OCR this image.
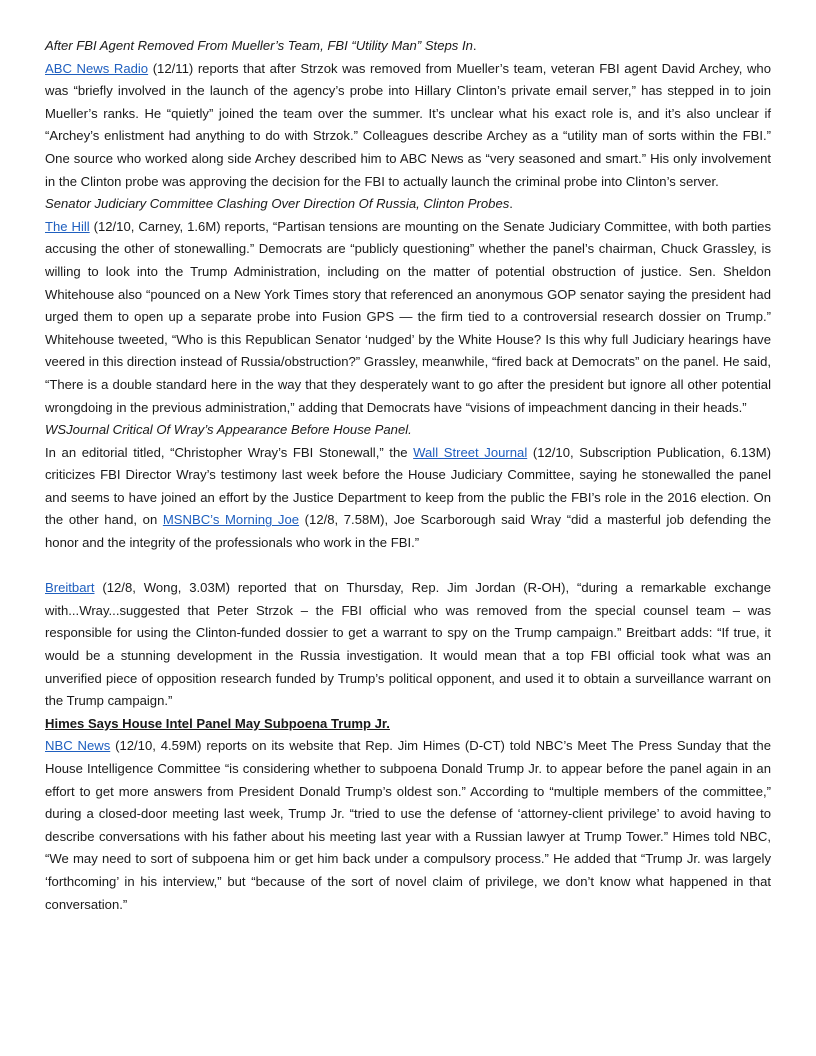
After FBI Agent Removed From Mueller’s Team, FBI “Utility Man” Steps In.

ABC News Radio (12/11) reports that after Strzok was removed from Mueller’s team, veteran FBI agent David Archey, who was “briefly involved in the launch of the agency’s probe into Hillary Clinton’s private email server,” has stepped in to join Mueller’s ranks. He “quietly” joined the team over the summer. It’s unclear what his exact role is, and it’s also unclear if “Archey’s enlistment had anything to do with Strzok.” Colleagues describe Archey as a “utility man of sorts within the FBI.” One source who worked along side Archey described him to ABC News as “very seasoned and smart.” His only involvement in the Clinton probe was approving the decision for the FBI to actually launch the criminal probe into Clinton’s server.

Senator Judiciary Committee Clashing Over Direction Of Russia, Clinton Probes.

The Hill (12/10, Carney, 1.6M) reports, “Partisan tensions are mounting on the Senate Judiciary Committee, with both parties accusing the other of stonewalling.” Democrats are “publicly questioning” whether the panel’s chairman, Chuck Grassley, is willing to look into the Trump Administration, including on the matter of potential obstruction of justice. Sen. Sheldon Whitehouse also “pounced on a New York Times story that referenced an anonymous GOP senator saying the president had urged them to open up a separate probe into Fusion GPS — the firm tied to a controversial research dossier on Trump.” Whitehouse tweeted, “Who is this Republican Senator ‘nudged’ by the White House? Is this why full Judiciary hearings have veered in this direction instead of Russia/obstruction?” Grassley, meanwhile, “fired back at Democrats” on the panel. He said, “There is a double standard here in the way that they desperately want to go after the president but ignore all other potential wrongdoing in the previous administration,” adding that Democrats have “visions of impeachment dancing in their heads.”

WSJournal Critical Of Wray’s Appearance Before House Panel.

In an editorial titled, “Christopher Wray’s FBI Stonewall,” the Wall Street Journal (12/10, Subscription Publication, 6.13M) criticizes FBI Director Wray’s testimony last week before the House Judiciary Committee, saying he stonewalled the panel and seems to have joined an effort by the Justice Department to keep from the public the FBI’s role in the 2016 election. On the other hand, on MSNBC’s Morning Joe (12/8, 7.58M), Joe Scarborough said Wray “did a masterful job defending the honor and the integrity of the professionals who work in the FBI.”

Breitbart (12/8, Wong, 3.03M) reported that on Thursday, Rep. Jim Jordan (R-OH), “during a remarkable exchange with...Wray...suggested that Peter Strzok – the FBI official who was removed from the special counsel team – was responsible for using the Clinton-funded dossier to get a warrant to spy on the Trump campaign.” Breitbart adds: “If true, it would be a stunning development in the Russia investigation. It would mean that a top FBI official took what was an unverified piece of opposition research funded by Trump’s political opponent, and used it to obtain a surveillance warrant on the Trump campaign.”

Himes Says House Intel Panel May Subpoena Trump Jr.

NBC News (12/10, 4.59M) reports on its website that Rep. Jim Himes (D-CT) told NBC’s Meet The Press Sunday that the House Intelligence Committee “is considering whether to subpoena Donald Trump Jr. to appear before the panel again in an effort to get more answers from President Donald Trump’s oldest son.” According to “multiple members of the committee,” during a closed-door meeting last week, Trump Jr. “tried to use the defense of ‘attorney-client privilege’ to avoid having to describe conversations with his father about his meeting last year with a Russian lawyer at Trump Tower.” Himes told NBC, “We may need to sort of subpoena him or get him back under a compulsory process.” He added that “Trump Jr. was largely ‘forthcoming’ in his interview,” but “because of the sort of novel claim of privilege, we don’t know what happened in that conversation.”
